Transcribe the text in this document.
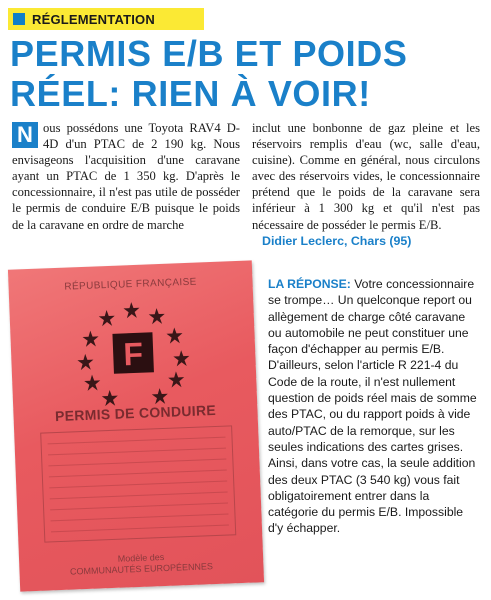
RÉGLEMENTATION
PERMIS E/B ET POIDS
RÉEL: RIEN À VOIR!
N ous possédons une Toyota RAV4 D-4D d'un PTAC de 2 190 kg. Nous envisageons l'acquisition d'une caravane ayant un PTAC de 1 350 kg. D'après le concessionnaire, il n'est pas utile de posséder le permis de conduire E/B puisque le poids de la caravane en ordre de marche
inclut une bonbonne de gaz pleine et les réservoirs remplis d'eau (wc, salle d'eau, cuisine). Comme en général, nous circulons avec des réservoirs vides, le concessionnaire prétend que le poids de la caravane sera inférieur à 1 300 kg et qu'il n'est pas nécessaire de posséder le permis E/B.
Didier Leclerc, Chars (95)
RÉPUBLIQUE FRANÇAISE
F
PERMIS DE CONDUIRE
Modèle des
COMMUNAUTÉS EUROPÉENNES
LA RÉPONSE: Votre concessionnaire se trompe… Un quelconque report ou allègement de charge côté caravane ou automobile ne peut constituer une façon d'échapper au permis E/B. D'ailleurs, selon l'article R 221-4 du Code de la route, il n'est nullement question de poids réel mais de somme des PTAC, ou du rapport poids à vide auto/PTAC de la remorque, sur les seules indications des cartes grises. Ainsi, dans votre cas, la seule addition des deux PTAC (3 540 kg) vous fait obligatoirement entrer dans la catégorie du permis E/B. Impossible d'y échapper.
